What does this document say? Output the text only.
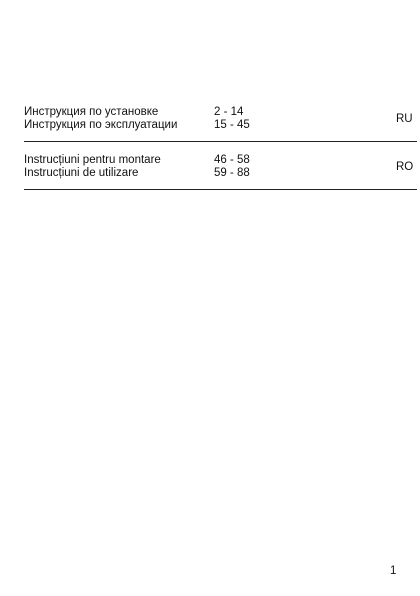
Инструкция по установке	2 - 14
Инструкция по эксплуатации	15 - 45	RU
Instrucțiuni pentru montare	46 - 58
Instrucțiuni de utilizare	59 - 88	RO
1
